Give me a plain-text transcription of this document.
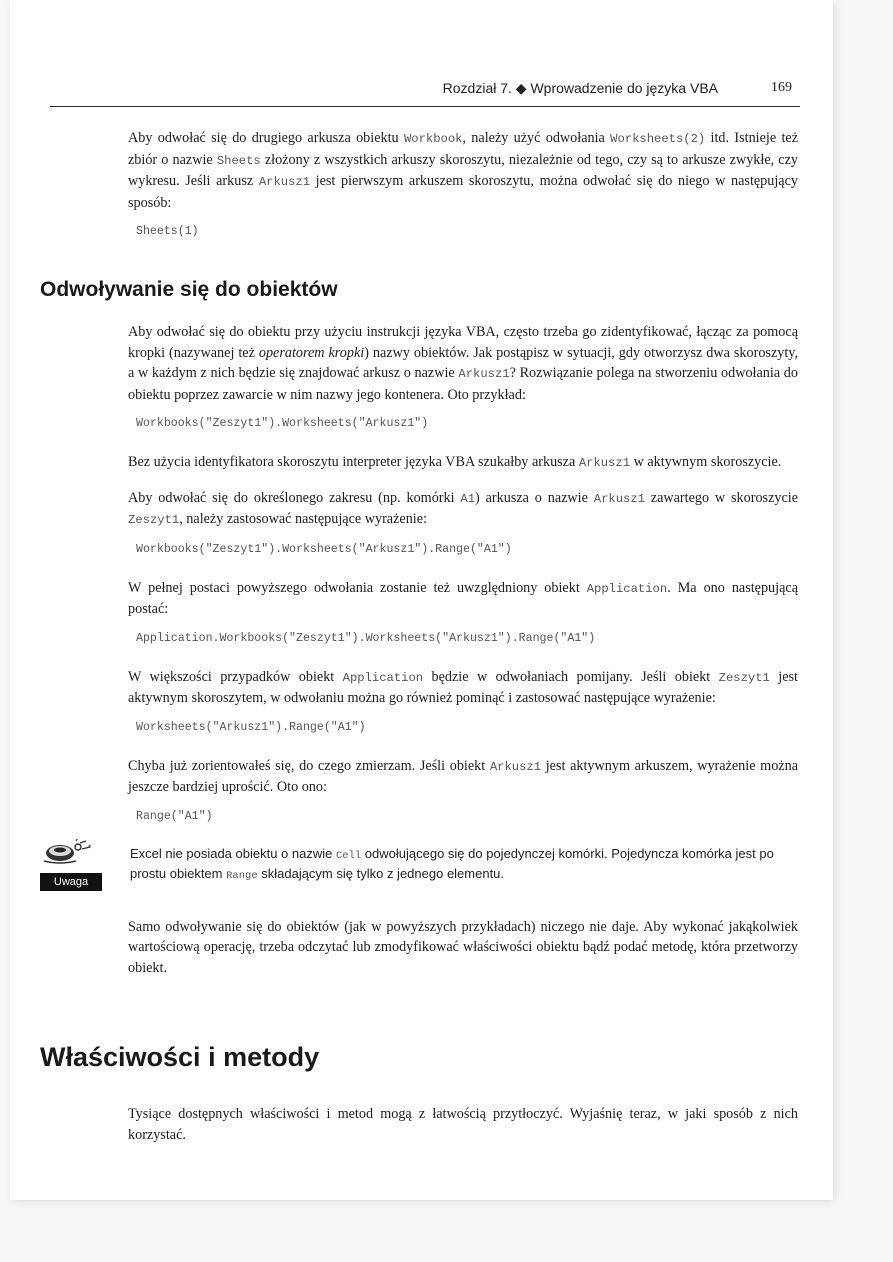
Rozdział 7. ◆ Wprowadzenie do języka VBA	169

Aby odwołać się do drugiego arkusza obiektu Workbook, należy użyć odwołania Worksheets(2) itd. Istnieje też zbiór o nazwie Sheets złożony z wszystkich arkuszy skoroszytu, niezależnie od tego, czy są to arkusze zwykłe, czy wykresu. Jeśli arkusz Arkusz1 jest pierwszym arkuszem skoroszytu, można odwołać się do niego w następujący sposób:

Sheets(1)
Odwoływanie się do obiektów

Aby odwołać się do obiektu przy użyciu instrukcji języka VBA, często trzeba go zidentyfikować, łącząc za pomocą kropki (nazywanej też operatorem kropki) nazwy obiektów. Jak postąpisz w sytuacji, gdy otworzysz dwa skoroszyty, a w każdym z nich będzie się znajdować arkusz o nazwie Arkusz1? Rozwiązanie polega na stworzeniu odwołania do obiektu poprzez zawarcie w nim nazwy jego kontenera. Oto przykład:

Workbooks("Zeszyt1").Worksheets("Arkusz1")

Bez użycia identyfikatora skoroszytu interpreter języka VBA szukałby arkusza Arkusz1 w aktywnym skoroszycie.

Aby odwołać się do określonego zakresu (np. komórki A1) arkusza o nazwie Arkusz1 zawartego w skoroszycie Zeszyt1, należy zastosować następujące wyrażenie:

Workbooks("Zeszyt1").Worksheets("Arkusz1").Range("A1")

W pełnej postaci powyższego odwołania zostanie też uwzględniony obiekt Application. Ma ono następującą postać:

Application.Workbooks("Zeszyt1").Worksheets("Arkusz1").Range("A1")

W większości przypadków obiekt Application będzie w odwołaniach pomijany. Jeśli obiekt Zeszyt1 jest aktywnym skoroszytem, w odwołaniu można go również pominąć i zastosować następujące wyrażenie:

Worksheets("Arkusz1").Range("A1")

Chyba już zorientowałeś się, do czego zmierzam. Jeśli obiekt Arkusz1 jest aktywnym arkuszem, wyrażenie można jeszcze bardziej uprościć. Oto ono:

Range("A1")
*
Uwaga

Excel nie posiada obiektu o nazwie Cell odwołującego się do pojedynczej komórki. Pojedyncza komórka jest po prostu obiektem Range składającym się tylko z jednego elementu.

Samo odwoływanie się do obiektów (jak w powyższych przykładach) niczego nie daje. Aby wykonać jakąkolwiek wartościową operację, trzeba odczytać lub zmodyfikować właściwości obiektu bądź podać metodę, która przetworzy obiekt.

Właściwości i metody

Tysiące dostępnych właściwości i metod mogą z łatwością przytłoczyć. Wyjaśnię teraz, w jaki sposób z nich korzystać.
